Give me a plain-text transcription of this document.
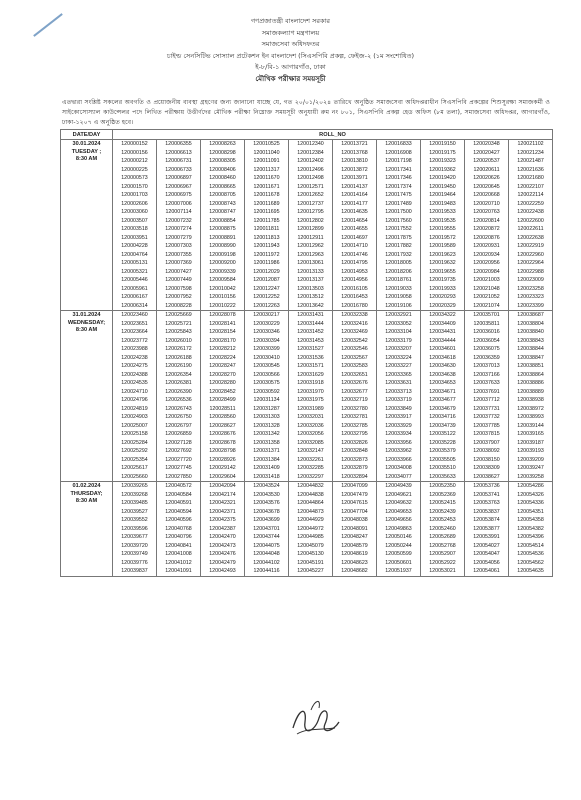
গণপ্রজাতন্ত্রী বাংলাদেশ সরকার
সমাজকল্যাণ মন্ত্রণালয়
সমাজসেবা অধিদফতর
চাইল্ড সেনসিটিভ সোস্যাল প্রটেকশন ইন বাংলাদেশ (সিএসপিবি প্রকল্প, ফেইজ-২ (১ম সংশোধিত)
ই-৮/বি-১ আগারগাঁও, ঢাকা
মৌখিক পরীক্ষার সময়সূচী
এতদ্বারা সংশ্লিষ্ট সকলের অবগতি ও প্রয়োজনীয় ব্যবস্থা গ্রহণের জন্য জানানো যাচ্ছে যে, গত ২০/০১/২০২৪ তারিখে অনুষ্ঠিত সমাজসেবা অধিদপ্তরাধীন সিএসপিবি প্রকল্পের শিশুসুরক্ষা সমাজকর্মী ও সাইকোসোস্যাল কাউন্সেলর পদে লিখিত পরীক্ষায় উত্তীর্ণদের মৌখিক পরীক্ষা নিম্নোক্ত সময়সূচী অনুযায়ী রুম নং ৮০১, সিএসপিবি প্রকল্প হেড অফিস (৮ম তলা), সমাজসেবা অধিদপ্তর, আগারগাঁও, ঢাকা-১২০৭ এ অনুষ্ঠিত হবে।
DATE/DAY	ROLL_NO									

30.01.2024
TUESDAY ;
8:30 AM	120000152	120006355	120008263	120010525	120012340	120013721	120016833	120019150	120020348	120021102
	120000156	120006613	120008298	120011040	120012384	120013768	120016908	120019175	120020427	120021234
	120000212	120006731	120008305	120011091	120012402	120013810	120017198	120019323	120020537	120021487
	120000225	120006733	120008406	120011317	120012496	120013872	120017341	120019362	120020611	120021636
	120000573	120006897	120008460	120011670	120012498	120013971	120017346	120019420	120020626	120021680
	120001570	120006967	120008665	120011671	120012571	120014137	120017374	120019450	120020645	120022107
	120001703	120006975	120008705	120011678	120012652	120014164	120017475	120019464	120020668	120022114
	120002606	120007006	120008743	120011689	120012737	120014177	120017489	120019483	120020710	120022259
	120003060	120007114	120008747	120011695	120012795	120014635	120017500	120019533	120020763	120022438
	120003507	120007232	120008854	120011785	120012802	120014654	120017560	120019535	120020814	120022600
	120003518	120007274	120008875	120011811	120012899	120014655	120017552	120019555	120020872	120022611
	120003951	120007279	120008891	120011813	120012911	120014697	120017875	120019572	120020876	120022638
	120004228	120007303	120008990	120011943	120012962	120014710	120017882	120019589	120020931	120022919
	120004764	120007355	120009198	120011972	120012963	120014746	120017932	120019623	120020934	120022960
	120005131	120007369	120009200	120011986	120013061	120014795	120018005	120019632	120020956	120022964
	120005321	120007427	120009339	120012029	120013133	120014953	120018206	120019655	120020984	120022988
	120005446	120007449	120009584	120012087	120013137	120014956	120018761	120019735	120021003	120023009
	120005961	120007598	120010042	120012247	120013503	120016105	120019033	120019933	120021048	120023258
	120006167	120007952	120010156	120012252	120013512	120016453	120019058	120020293	120021052	120023323
	120006314	120008228	120010222	120012263	120013642	120016780	120019106	120020329	120021074	120023399

31.01.2024
WEDNESDAY;
8:30 AM	120023460	120025669	120028078	120030217	120031431	120032338	120032921	120034322	120035701	120038687
	120023651	120025721	120028141	120030229	120031444	120032416	120033052	120034409	120035811	120038804
	120023664	120025843	120028154	120030346	120031452	120032469	120033104	120034431	120036016	120038840
	120023772	120026010	120028170	120030394	120031453	120032542	120033179	120034444	120036054	120038843
	120023988	120026172	120028212	120030399	120031527	120032546	120033207	120034601	120036075	120038844
	120024238	120026188	120028224	120030410	120031536	120032567	120033224	120034618	120036359	120038847
	120024275	120026190	120028247	120030545	120031571	120032583	120033227	120034630	120037013	120038851
	120024388	120026354	120028270	120030566	120031629	120032651	120033365	120034638	120037166	120038864
	120024535	120026381	120028280	120030575	120031918	120032676	120033631	120034653	120037633	120038886
	120024710	120026390	120028452	120030592	120031970	120032677	120033713	120034671	120037691	120038889
	120024796	120026536	120028499	120031134	120031975	120032719	120033719	120034677	120037712	120038938
	120024819	120026743	120028511	120031287	120031989	120032780	120033849	120034679	120037731	120038972
	120024903	120026750	120028560	120031303	120032031	120032781	120033917	120034716	120037732	120038993
	120025007	120026797	120028627	120031328	120032036	120032785	120033929	120034739	120037785	120039144
	120025158	120026859	120028676	120031342	120032056	120032795	120033934	120035122	120037815	120039165
	120025284	120027128	120028678	120031358	120032085	120032826	120033956	120035228	120037907	120039187
	120025292	120027692	120028798	120031371	120032147	120032848	120033962	120035379	120038092	120039193
	120025354	120027720	120028926	120031384	120032261	120032873	120033966	120035505	120038150	120039209
	120025617	120027745	120029142	120031409	120032285	120032879	120034008	120035510	120038309	120039247
	120025660	120027850	120029604	120031418	120032297	120032894	120034077	120035633	120038627	120039258

01.02.2024
THURSDAY;
8:30 AM	120039265	120040572	120042094	120043524	120044832	120047099	120049439	120052350	120053736	120054286
	120039268	120040584	120042174	120043530	120044838	120047479	120049621	120052369	120053741	120054326
	120039485	120040591	120042321	120043576	120044864	120047615	120049632	120052415	120053763	120054336
	120039527	120040594	120042371	120043678	120044873	120047704	120049653	120052439	120053837	120054351
	120039552	120040596	120042375	120043699	120044929	120048038	120049656	120052453	120053874	120054358
	120039596	120040768	120042387	120043701	120044972	120048091	120049863	120052460	120053877	120054382
	120039677	120040796	120042470	120043744	120044985	120048247	120050146	120052689	120053991	120054396
	120039720	120040841	120042473	120044075	120045079	120048579	120050244	120052768	120054027	120054514
	120039749	120041008	120042476	120044048	120045130	120048619	120050599	120052907	120054047	120054536
	120039776	120041012	120042479	120044102	120045191	120048623	120050601	120052922	120054056	120054562
	120039837	120041091	120042493	120044116	120045227	120048682	120051937	120053021	120054061	120054635
